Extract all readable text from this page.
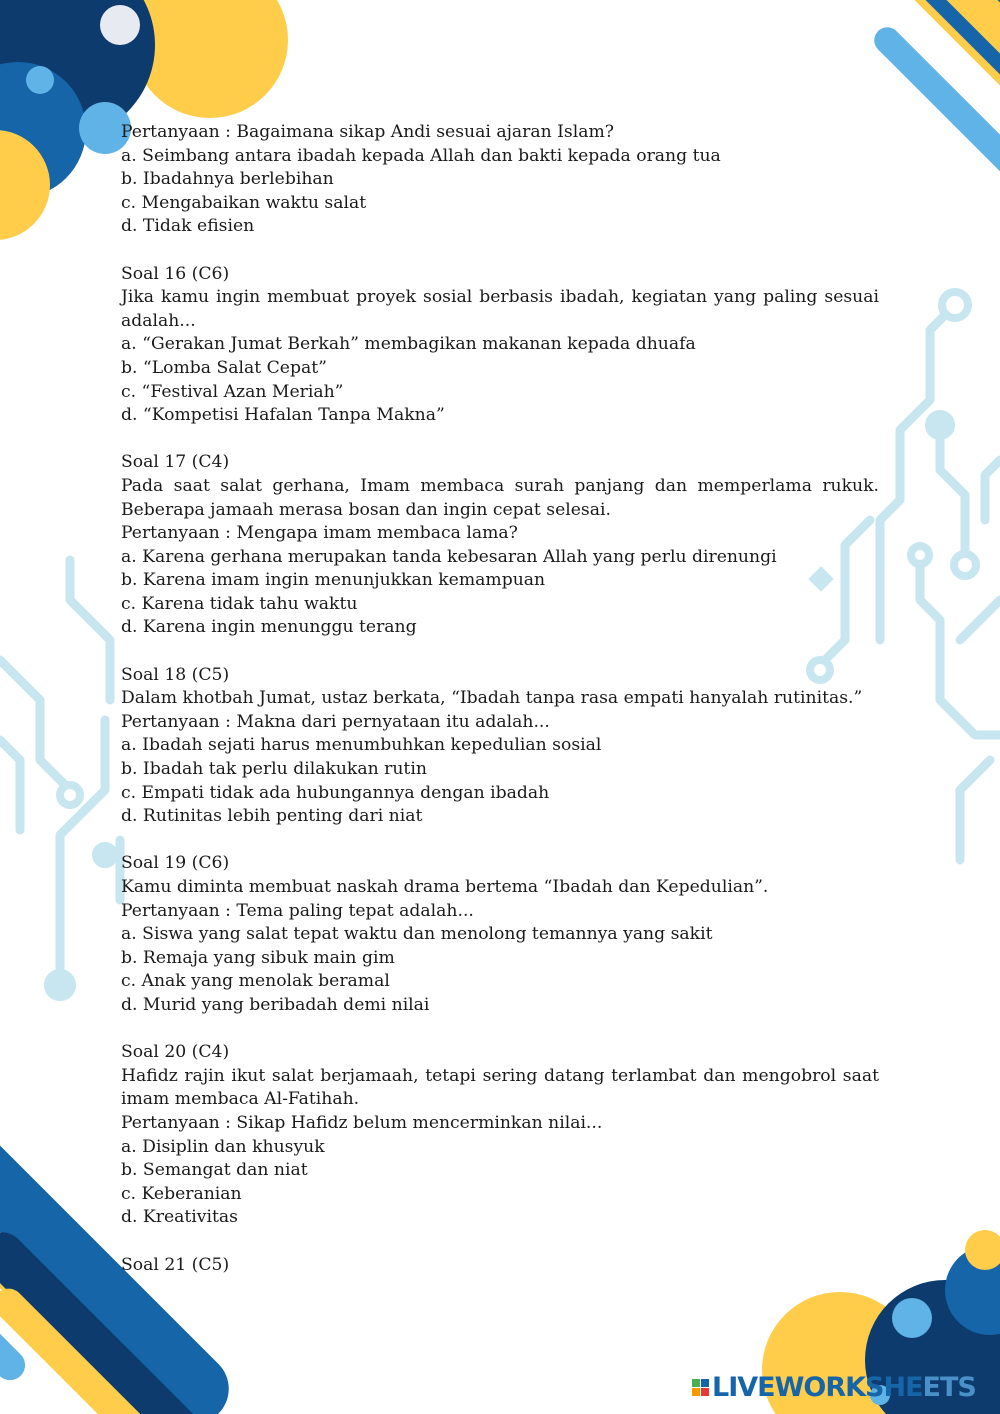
Pertanyaan : Bagaimana sikap Andi sesuai ajaran Islam?

a. Seimbang antara ibadah kepada Allah dan bakti kepada orang tua

b. Ibadahnya berlebihan

c. Mengabaikan waktu salat

d. Tidak efisien

Soal 16 (C6)

Jika kamu ingin membuat proyek sosial berbasis ibadah, kegiatan yang paling sesuai adalah...

a. “Gerakan Jumat Berkah” membagikan makanan kepada dhuafa

b. “Lomba Salat Cepat”

c. “Festival Azan Meriah”

d. “Kompetisi Hafalan Tanpa Makna”

Soal 17 (C4)

Pada saat salat gerhana, Imam membaca surah panjang dan memperlama rukuk. Beberapa jamaah merasa bosan dan ingin cepat selesai.

Pertanyaan : Mengapa imam membaca lama?

a. Karena gerhana merupakan tanda kebesaran Allah yang perlu direnungi

b. Karena imam ingin menunjukkan kemampuan

c. Karena tidak tahu waktu

d. Karena ingin menunggu terang

Soal 18 (C5)

Dalam khotbah Jumat, ustaz berkata, “Ibadah tanpa rasa empati hanyalah rutinitas.”

Pertanyaan : Makna dari pernyataan itu adalah...

a. Ibadah sejati harus menumbuhkan kepedulian sosial

b. Ibadah tak perlu dilakukan rutin

c. Empati tidak ada hubungannya dengan ibadah

d. Rutinitas lebih penting dari niat

Soal 19 (C6)

Kamu diminta membuat naskah drama bertema “Ibadah dan Kepedulian”.

Pertanyaan : Tema paling tepat adalah...

a. Siswa yang salat tepat waktu dan menolong temannya yang sakit

b. Remaja yang sibuk main gim

c. Anak yang menolak beramal

d. Murid yang beribadah demi nilai

Soal 20 (C4)

Hafidz rajin ikut salat berjamaah, tetapi sering datang terlambat dan mengobrol saat imam membaca Al-Fatihah.

Pertanyaan : Sikap Hafidz belum mencerminkan nilai...

a. Disiplin dan khusyuk

b. Semangat dan niat

c. Keberanian

d. Kreativitas

Soal 21 (C5)

LIVEWORKSHEETS
